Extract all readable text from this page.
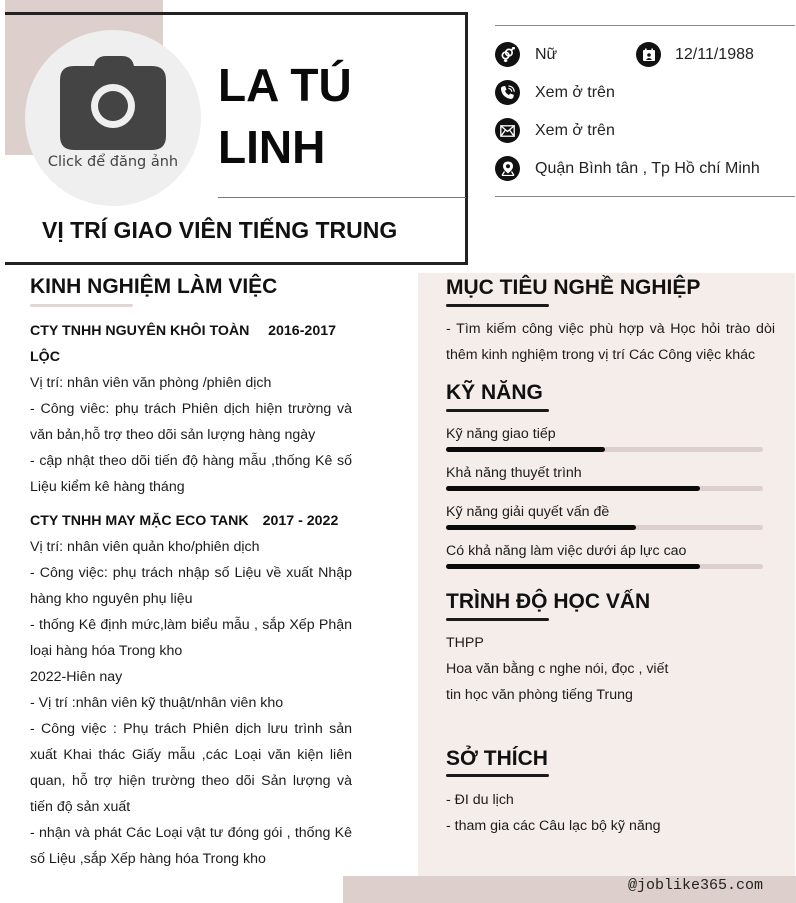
Click để đăng ảnh
LA TÚ
LINH
VỊ TRÍ GIAO VIÊN TIẾNG TRUNG
Nữ	12/11/1988
Xem ở trên
Xem ở trên
Quận Bình tân , Tp Hồ chí Minh
KINH NGHIỆM LÀM VIỆC
CTY TNHH NGUYÊN KHÔI TOÀN 2016-2017
LỘC
Vị trí: nhân viên văn phòng /phiên dịch
- Công viêc: phụ trách Phiên dịch hiện trường và văn bản,hỗ trợ theo dõi sản lượng hàng ngày
- cập nhật theo dõi tiến độ hàng mẫu ,thống Kê số Liệu kiểm kê hàng tháng
CTY TNHH MAY MẶC ECO TANK 2017 - 2022
Vị trí: nhân viên quản kho/phiên dịch
- Công việc: phụ trách nhập số Liệu về xuất Nhập hàng kho nguyên phụ liệu
- thống Kê định mức,làm biểu mẫu , sắp Xếp Phận loại hàng hóa Trong kho
2022-Hiên nay
- Vị trí :nhân viên kỹ thuật/nhân viên kho
- Công việc : Phụ trách Phiên dịch lưu trình sản xuất Khai thác Giấy mẫu ,các Loại văn kiện liên quan, hỗ trợ hiện trường theo dõi Sản lượng và tiến độ sản xuất
- nhận và phát Các Loại vật tư đóng gói , thống Kê số Liệu ,sắp Xếp hàng hóa Trong kho
MỤC TIÊU NGHỀ NGHIỆP
- Tìm kiếm công việc phù hợp và Học hỏi trào dòi thêm kinh nghiệm trong vị trí Các Công việc khác
KỸ NĂNG
Kỹ năng giao tiếp
Khả năng thuyết trình
Kỹ năng giải quyết vấn đề
Có khả năng làm việc dưới áp lực cao
TRÌNH ĐỘ HỌC VẤN
THPP
Hoa văn bằng c nghe nói, đọc , viết
tin học văn phòng tiếng Trung
SỞ THÍCH
- ĐI du lịch
- tham gia các Câu lạc bộ kỹ năng
@joblike365.com
